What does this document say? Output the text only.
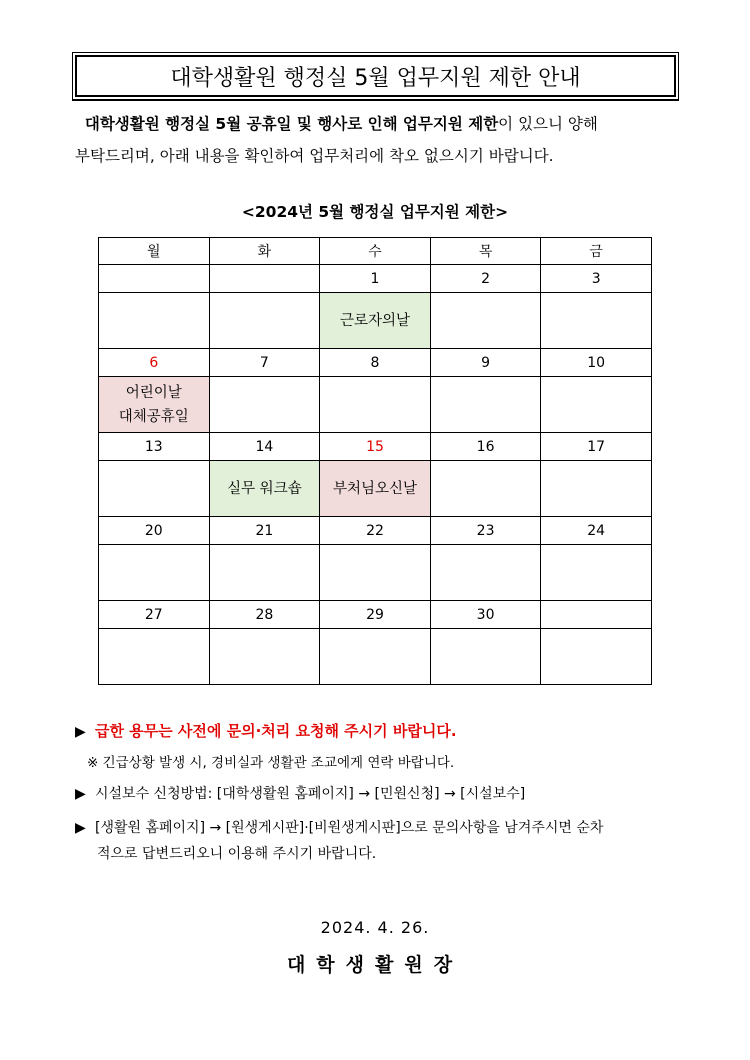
대학생활원 행정실 5월 업무지원 제한 안내
대학생활원 행정실 5월 공휴일 및 행사로 인해 업무지원 제한이 있으니 양해
부탁드리며, 아래 내용을 확인하여 업무처리에 착오 없으시기 바랍니다.
<2024년 5월 행정실 업무지원 제한>
월	화	수	목	금
		1	2	3

		근로자의날		

6	7	8	9	10

어린이날
대체공휴일				

13	14	15	16	17

	실무 워크숍	부처님오신날		

20	21	22	23	24

27	28	29	30	

▶ 급한 용무는 사전에 문의·처리 요청해 주시기 바랍니다.
※ 긴급상황 발생 시, 경비실과 생활관 조교에게 연락 바랍니다.
▶ 시설보수 신청방법: [대학생활원 홈페이지] → [민원신청] → [시설보수]
▶ [생활원 홈페이지] → [원생게시판]·[비원생게시판]으로 문의사항을 남겨주시면 순차
적으로 답변드리오니 이용해 주시기 바랍니다.
2024. 4. 26.
대학생활원장
